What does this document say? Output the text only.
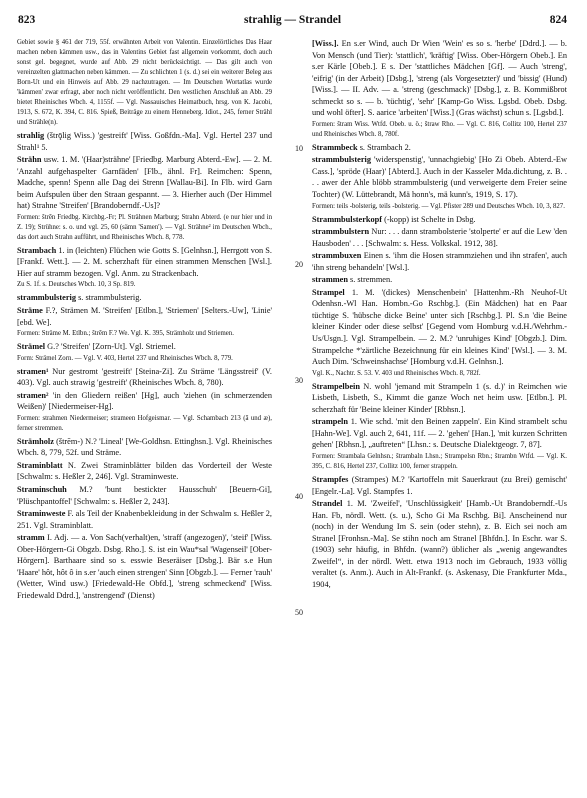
823	strahlig — Strandel	824

Gebiet sowie § 461 der 719, 55f. erwähnten Arbeit von Valentin. Einzelörtliches Das Haar machen neben kämmen usw., das in Valentins Gebiet fast allgemein vorkommt, doch auch sonst gel. begegnet, wurde auf Abb. 29 nicht berücksichtigt. — Das gilt auch von vereinzelten glattmachen neben kämmen. — Zu schlichten 1 (s. d.) sei ein weiterer Beleg aus Born-Ut und ein Hinweis auf Abb. 29 nachzutragen. — Im Deutschen Wortatlas wurde 'kämmen' zwar erfragt, aber noch nicht veröffentlicht. Den westlichen Anschluß an Abb. 29 bietet Rheinisches Wbch. 4, 1155f. — Vgl. Nassauisches Heimatbuch, hrsg. von K. Jacobi, 1913, S. 672, K. 394, C. 816. Spieß, Beiträge zu einem Henneberg. Idiot., 245, ferner Strähl und Strähle(n).

strahlig (štrǭlig Wiss.) 'gestreift' [Wiss. Goßfdn.-Ma]. Vgl. Hertel 237 und Strahl¹ 5.

Strähn usw. 1. M. '(Haar)strähne' [Friedbg. Marburg Abterd.-Ew]. — 2. M. 'Anzahl aufgehaspelter Garnfäden' [Flb., ähnl. Fr]. Reimchen: Spenn, Madche, spenn! Spenn alle Dag dei Strenn [Wallau-Bi]. In Flb. wird Garn beim Aufspulen über den Straan gespannt. — 3. Hierher auch (Der Himmel hat) Strahne 'Streifen' [Brandoberndf.-Us]?

Formen: štrēn Friedbg. Kirchbg.-Fr; Pl. Strähnen Marburg; Strahn Abterd. (e nur hier und in Z. 19); Strühne: s. o. und vgl. 25, 60 (sämn 'Samen'). — Vgl. Strähne² im Deutschen Wbch., das dort auch Strahn aufführt, und Rheinisches Wbch. 8, 778.

Strambach 1. in (leichten) Flüchen wie Gotts S. [Gelnhsn.], Herrgott von S. [Frankf. Wett.]. — 2. M. scherzhaft für einen strammen Menschen [Wsl.]. Hier auf stramm bezogen. Vgl. Anm. zu Strackenbach.

Zu S. 1f. s. Deutsches Wbch. 10, 3 Sp. 819.

strammbulsterig s. strammbulsterig.

Sträme F.?, Strämen M. 'Streifen' [Etlbn.], 'Striemen' [Selters.-Uw], 'Linie' [ebd. We].

Formen: Sträme M. Etlbn.; štrēm F.? We. Vgl. K. 395, Strämholz und Striemen.

Strämel G.? 'Streifen' [Zorn-Ut]. Vgl. Striemel.

Form: Strämel Zorn. — Vgl. V. 403, Hertel 237 und Rheinisches Wbch. 8, 779.

stramen¹ Nur gestromt 'gestreift' [Steina-Zi]. Zu Sträme 'Längsstreif' (V. 403). Vgl. auch strawig 'gestreift' (Rheinisches Wbch. 8, 780).

stramen² 'in den Gliedern reißen' [Hg], auch 'ziehen (in schmerzenden Weißen)' [Niedermeiser-Hg].

Formen: strahmen Niedermeiser; strameen Hofgeismar. — Vgl. Schambach 213 (ā und æ), ferner stremmen.

Strämholz (štrēm-) N.? 'Lineal' [We-Goldhsn. Ettinghsn.]. Vgl. Rheinisches Wbch. 8, 779, 52f. und Sträme.

Straminblatt N. Zwei Straminblätter bilden das Vorderteil der Weste [Schwalm: s. Heßler 2, 246]. Vgl. Straminweste.

Straminschuh M.? 'bunt bestickter Hausschuh' [Beuern-Gi], 'Plüschpantoffel' [Schwalm: s. Heßler 2, 243].

Straminweste F. als Teil der Knabenbekleidung in der Schwalm s. Heßler 2, 251. Vgl. Straminblatt.

stramm I. Adj. — a. Von Sach(verhalt)en, 'straff (angezogen)', 'steif' [Wiss. Ober-Hörgern-Gi Obgzb. Dsbg. Rho.]. S. ist ein Wau*sal 'Wagenseil' [Ober-Hörgern]. Barthaare sind so s. esswie Beseräiser [Dsbg.]. Bär s.e Hun 'Haare' hôt, hôt ô in s.er 'auch einen strengen' Sinn [Obgzb.]. — Ferner 'rauh' (Wetter, Wind usw.) [Friedewald-He Obfd.], 'streng schmeckend' [Wiss. Friedewald Ddrd.], 'anstrengend' (Dienst)

10
20
30
40
50

[Wiss.]. En s.er Wind, auch Dr Wien 'Wein' es so s. 'herbe' [Ddrd.]. — b. Von Mensch (und Tier): 'stattlich', 'kräftig' [Wiss. Ober-Hörgern Obeb.]. En s.er Kärle [Obeb.]. E s. Der 'stattliches Mädchen [Gf]. — Auch 'streng', 'eifrig' (in der Arbeit) [Dsbg.], 'streng (als Vorgesetzter)' und 'bissig' (Hund) [Wiss.]. — II. Adv. — a. 'streng (geschmack)' [Dsbg.], z. B. Kommißbrot schmeckt so s. — b. 'tüchtig', 'sehr' [Kamp-Go Wiss. Lgsbd. Obeb. Dsbg. und wohl öfter]. S. aarice 'arbeiten' [Wiss.] (Gras wächst) schun s. [Lgsbd.].

Formen: štram Wiss. Wtfd. Obeb. u. ö.; štraw Rho. — Vgl. C. 816, Collitz 100, Hertel 237 und Rheinisches Wbch. 8, 780f.

Strammbeck s. Strambach 2.

strammbulsterig 'widerspenstig', 'unnachgiebig' [Ho Zi Obeb. Abterd.-Ew Cass.], 'spröde (Haar)' [Abterd.]. Auch in der Kasseler Mda.dichtung, z. B. . . . awer der Ahle blöbb strammbulsterig (und verweigerte dem Freier seine Tochter) (W. Lüttebrandt, Mä honn's, mä kunn's, 1919, S. 17).

Formen: teils -bolsterig, teils -bolsterig. — Vgl. Pfister 289 und Deutsches Wbch. 10, 3, 827.

Strammbulsterkopf (-kopp) ist Schelte in Dsbg.

strammbulstern Nur: . . . dann strambolsterie 'stolperte' er auf die Lew 'den Hausboden' . . . [Schwalm: s. Hess. Volkskal. 1912, 38].

strammbuxen Einen s. 'ihm die Hosen strammziehen und ihn strafen', auch 'ihn streng behandeln' [Wsl.].

strammen s. stremmen.

Strampel 1. M. '(dickes) Menschenbein' [Hattenhm.-Rh Neuhof-Ut Odenhsn.-Wl Han. Hombn.-Go Rschbg.]. (Ein Mädchen) hat en Paar tüchtige S. 'hübsche dicke Beine' unter sich [Rschbg.]. Pl. S.n 'die Beine kleiner Kinder oder diese selbst' [Gegend vom Homburg v.d.H./Wehrhm.-Us/Usgn.]. Vgl. Strampelbein. — 2. M.? 'unruhiges Kind' [Obgzb.]. Dim. Strampelche *'zärtliche Bezeichnung für ein kleines Kind' [Wsl.]. — 3. M. Auch Dim. 'Schweinshachse' [Homburg v.d.H. Gelnhsn.].

Vgl. K., Nachtr. S. 53. V. 403 und Rheinisches Wbch. 8, 782f.

Strampelbein N. wohl 'jemand mit Strampeln 1 (s. d.)' in Reimchen wie Lisbeth, Lisbeth, S., Kimmt die ganze Woch net heim usw. [Etlbn.]. Pl. scherzhaft für 'Beine kleiner Kinder' [Rbhsn.].

strampeln 1. Wie schd. 'mit den Beinen zappeln'. Ein Kind strambelt schu [Hahn-We]. Vgl. auch 2, 641, 11f. — 2. 'gehen' [Han.], 'mit kurzen Schritten gehen' [Rbhsn.], „auftreten“ [Lhsn.: s. Deutsche Dialektgeogr. 7, 87].

Formen: Strambala Gelnhsn.; štrambaln Lhsn.; Strampelsn Rbn.; štrambn Wtfd. — Vgl. K. 395, C. 816, Hertel 237, Collitz 100, ferner strappeln.

Strampfes (Strampes) M.? 'Kartoffeln mit Sauerkraut (zu Brei) gemischt' [Engelr.-La]. Vgl. Stampfes 1.

Strandel 1. M. 'Zweifel', 'Unschlüssigkeit' [Hamb.-Ut Brandoberndf.-Us Han. Fb, nördl. Wett. (s. u.), Scho Gi Ma Rschbg. Bi]. Anscheinend nur (noch) in der Wendung Im S. sein (oder stehn), z. B. Eich sei noch am Stranel [Fronhsn.-Ma]. Se stihn noch am Stranel [Bhfdn.]. In Eschr. war S. (1903) sehr häufig, in Bhfdn. (wann?) üblicher als „wenig angewandtes Zweifel“, in der nördl. Wett. etwa 1913 noch im Gebrauch, 1933 völlig veraltet (s. Anm.). Auch in Alt-Frankf. (s. Askenasy, Die Frankfurter Mda., 1904,
